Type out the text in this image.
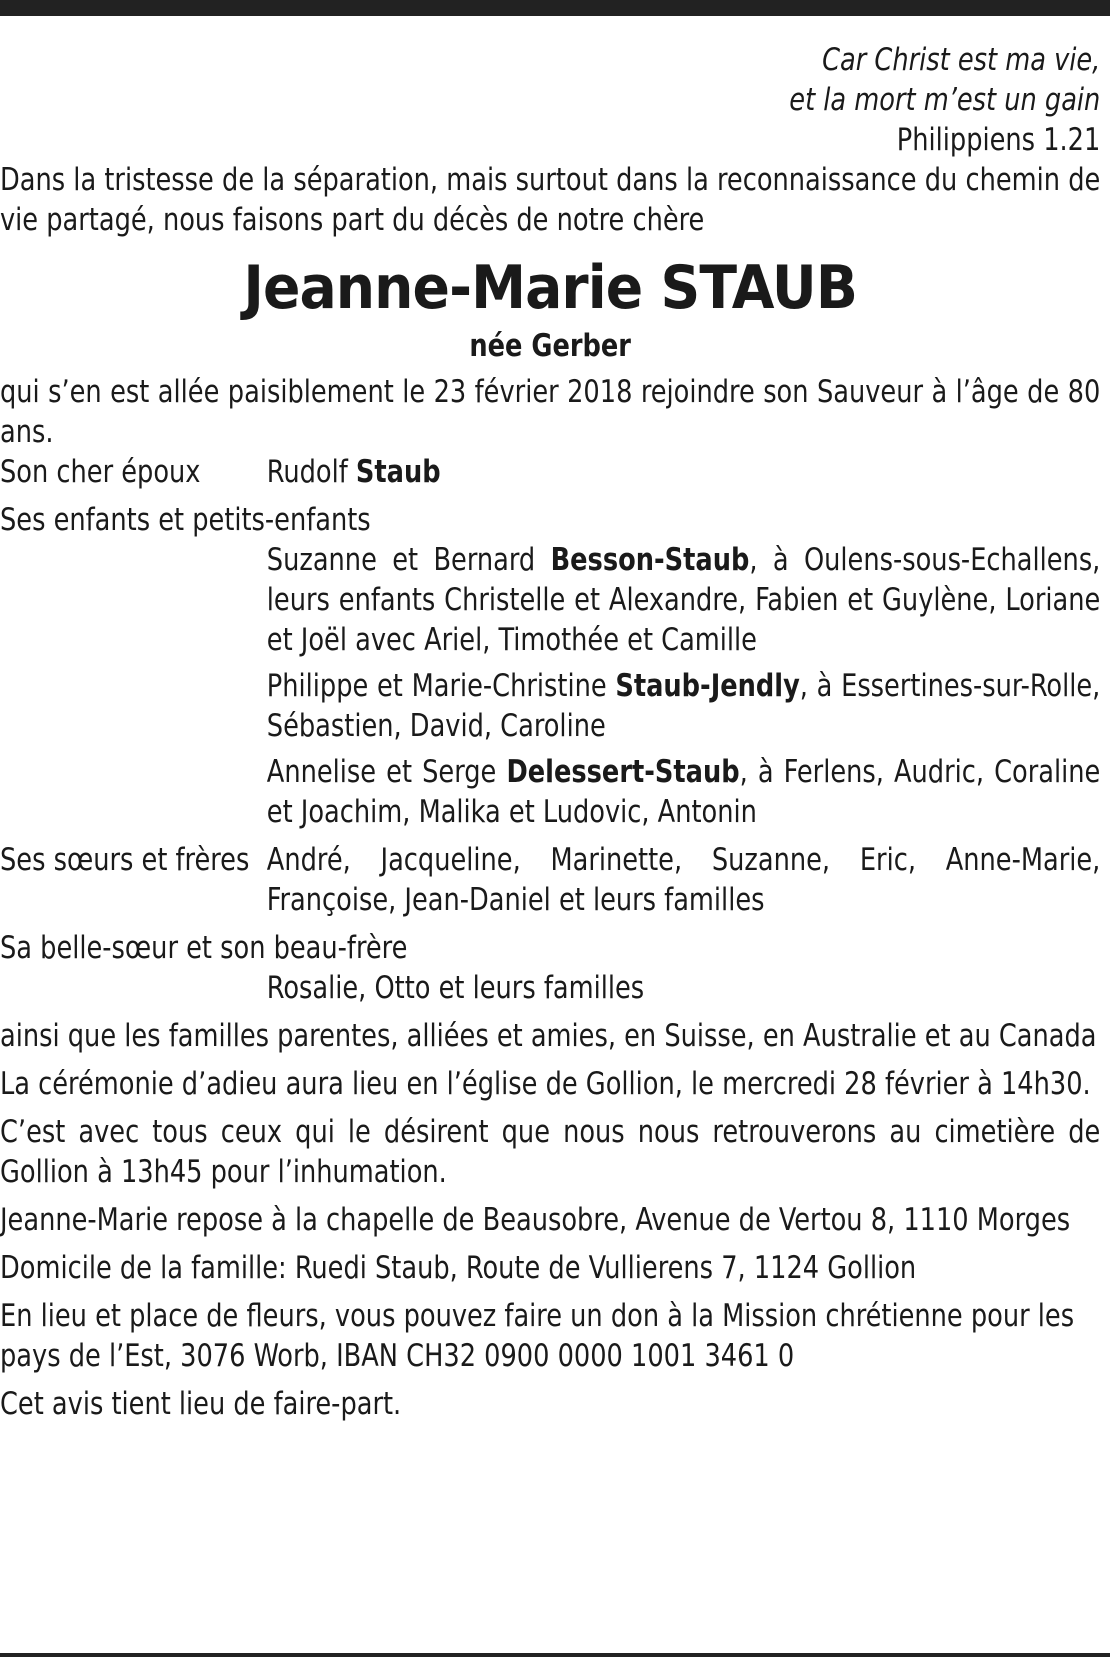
Car Christ est ma vie,
et la mort m’est un gain
Philippiens 1.21
Dans la tristesse de la séparation, mais surtout dans la reconnaissance du chemin de vie partagé, nous faisons part du décès de notre chère
Jeanne-Marie STAUB
née Gerber
qui s’en est allée paisiblement le 23 février 2018 rejoindre son Sauveur à l’âge de 80 ans.
Son cher époux	Rudolf Staub
Ses enfants et petits-enfants
Suzanne et Bernard Besson-Staub, à Oulens-sous-Echallens, leurs enfants Christelle et Alexandre, Fabien et Guylène, Loriane et Joël avec Ariel, Timothée et Camille
Philippe et Marie-Christine Staub-Jendly, à Essertines-sur-Rolle, Sébastien, David, Caroline
Annelise et Serge Delessert-Staub, à Ferlens, Audric, Coraline et Joachim, Malika et Ludovic, Antonin
Ses sœurs et frères André, Jacqueline, Marinette, Suzanne, Eric, Anne-Marie, Françoise, Jean-Daniel et leurs familles
Sa belle-sœur et son beau-frère
Rosalie, Otto et leurs familles
ainsi que les familles parentes, alliées et amies, en Suisse, en Australie et au Canada
La cérémonie d’adieu aura lieu en l’église de Gollion, le mercredi 28 février à 14h30.
C’est avec tous ceux qui le désirent que nous nous retrouverons au cimetière de Gollion à 13h45 pour l’inhumation.
Jeanne-Marie repose à la chapelle de Beausobre, Avenue de Vertou 8, 1110 Morges
Domicile de la famille: Ruedi Staub, Route de Vullierens 7, 1124 Gollion
En lieu et place de fleurs, vous pouvez faire un don à la Mission chrétienne pour les pays de l’Est, 3076 Worb, IBAN CH32 0900 0000 1001 3461 0
Cet avis tient lieu de faire-part.
